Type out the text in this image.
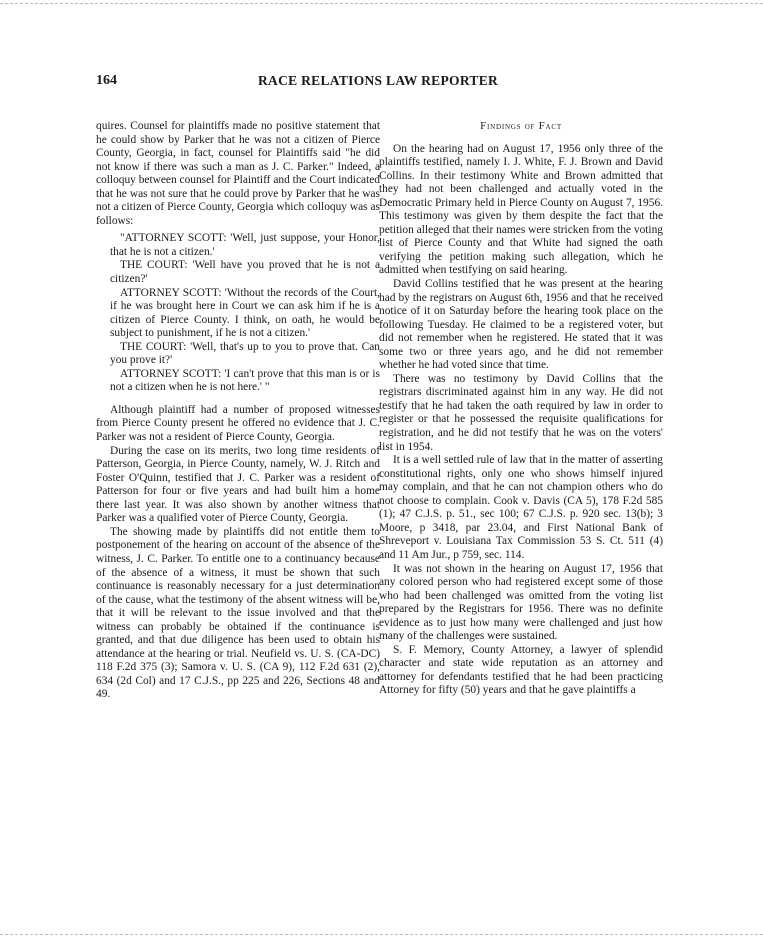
164	RACE RELATIONS LAW REPORTER

quires. Counsel for plaintiffs made no positive statement that he could show by Parker that he was not a citizen of Pierce County, Georgia, in fact, counsel for Plaintiffs said "he did not know if there was such a man as J. C. Parker." Indeed, a colloquy between counsel for Plaintiff and the Court indicated that he was not sure that he could prove by Parker that he was not a citizen of Pierce County, Georgia which colloquy was as follows:

"ATTORNEY SCOTT: 'Well, just suppose, your Honor, that he is not a citizen.'

THE COURT: 'Well have you proved that he is not a citizen?'

ATTORNEY SCOTT: 'Without the records of the Court, if he was brought here in Court we can ask him if he is a citizen of Pierce County. I think, on oath, he would be subject to punishment, if he is not a citizen.'

THE COURT: 'Well, that's up to you to prove that. Can you prove it?'

ATTORNEY SCOTT: 'I can't prove that this man is or is not a citizen when he is not here.' "

Although plaintiff had a number of proposed witnesses from Pierce County present he offered no evidence that J. C. Parker was not a resident of Pierce County, Georgia.

During the case on its merits, two long time residents of Patterson, Georgia, in Pierce County, namely, W. J. Ritch and Foster O'Quinn, testified that J. C. Parker was a resident of Patterson for four or five years and had built him a home there last year. It was also shown by another witness that Parker was a qualified voter of Pierce County, Georgia.

The showing made by plaintiffs did not entitle them to postponement of the hearing on account of the absence of the witness, J. C. Parker. To entitle one to a continuancy because of the absence of a witness, it must be shown that such continuance is reasonably necessary for a just determination of the cause, what the testimony of the absent witness will be, that it will be relevant to the issue involved and that the witness can probably be obtained if the continuance is granted, and that due diligence has been used to obtain his attendance at the hearing or trial. Neufield vs. U. S. (CA-DC) 118 F.2d 375 (3); Samora v. U. S. (CA 9), 112 F.2d 631 (2), 634 (2d Col) and 17 C.J.S., pp 225 and 226, Sections 48 and 49.

Findings of Fact

On the hearing had on August 17, 1956 only three of the plaintiffs testified, namely I. J. White, F. J. Brown and David Collins. In their testimony White and Brown admitted that they had not been challenged and actually voted in the Democratic Primary held in Pierce County on August 7, 1956. This testimony was given by them despite the fact that the petition alleged that their names were stricken from the voting list of Pierce County and that White had signed the oath verifying the petition making such allegation, which he admitted when testifying on said hearing.

David Collins testified that he was present at the hearing had by the registrars on August 6th, 1956 and that he received notice of it on Saturday before the hearing took place on the following Tuesday. He claimed to be a registered voter, but did not remember when he registered. He stated that it was some two or three years ago, and he did not remember whether he had voted since that time.

There was no testimony by David Collins that the registrars discriminated against him in any way. He did not testify that he had taken the oath required by law in order to register or that he possessed the requisite qualifications for registration, and he did not testify that he was on the voters' list in 1954.

It is a well settled rule of law that in the matter of asserting constitutional rights, only one who shows himself injured may complain, and that he can not champion others who do not choose to complain. Cook v. Davis (CA 5), 178 F.2d 585 (1); 47 C.J.S. p. 51., sec 100; 67 C.J.S. p. 920 sec. 13(b); 3 Moore, p 3418, par 23.04, and First National Bank of Shreveport v. Louisiana Tax Commission 53 S. Ct. 511 (4) and 11 Am Jur., p 759, sec. 114.

It was not shown in the hearing on August 17, 1956 that any colored person who had registered except some of those who had been challenged was omitted from the voting list prepared by the Registrars for 1956. There was no definite evidence as to just how many were challenged and just how many of the challenges were sustained.

S. F. Memory, County Attorney, a lawyer of splendid character and state wide reputation as an attorney and attorney for defendants testified that he had been practicing Attorney for fifty (50) years and that he gave plaintiffs a
